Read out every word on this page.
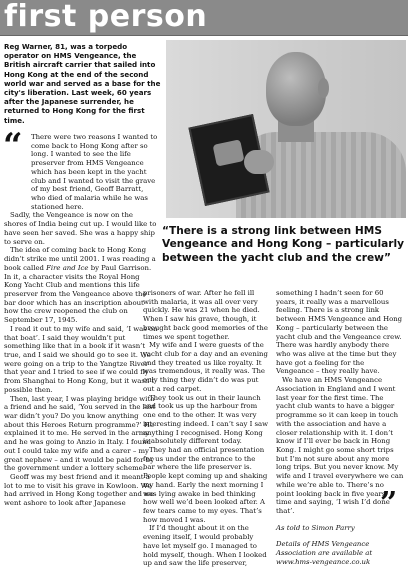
first person
Reg Warner, 81, was a torpedo operator on HMS Vengeance, the British aircraft carrier that sailed into Hong Kong at the end of the second world war and served as a base for the city's liberation. Last week, 60 years after the Japanese surrender, he returned to Hong Kong for the first time.
“There is a strong link between HMS Vengeance and Hong Kong – particularly between the yacht club and the crew”
“	There were two reasons I wanted to come back to Hong Kong after so long. I wanted to see the life preserver from HMS Vengeance which has been kept in the yacht club and I wanted to visit the grave of my best friend, Geoff Barratt, who died of malaria while he was stationed here.

Sadly, the Vengeance is now on the shores of India being cut up. I would like to have seen her saved. She was a happy ship to serve on.

The idea of coming back to Hong Kong didn’t strike me until 2001. I was reading a book called Fire and Ice by Paul Garrison. In it, a character visits the Royal Hong Kong Yacht Club and mentions this life preserver from the Vengeance above the bar door which has an inscription about how the crew reopened the club on September 17, 1945.

I read it out to my wife and said, ‘I was on that boat’. I said they wouldn’t put something like that in a book if it wasn’t true, and I said we should go to see it. We were going on a trip to the Yangtze River that year and I tried to see if we could fly from Shanghai to Hong Kong, but it wasn’t possible then.

Then, last year, I was playing bridge with a friend and he said, ‘You served in the last war didn’t you? Do you know anything about this Heroes Return programme?’ He explained it to me. He served in the army and he was going to Anzio in Italy. I found out I could take my wife and a carer – my great nephew – and it would be paid for by the government under a lottery scheme.

Geoff was my best friend and it meant a lot to me to visit his grave in Kowloon. We had arrived in Hong Kong together and we went ashore to look after Japanese

prisoners of war. After he fell ill with malaria, it was all over very quickly. He was 21 when he died. When I saw his grave, though, it brought back good memories of the times we spent together.

My wife and I were guests of the yacht club for a day and an evening and they treated us like royalty. It was tremendous, it really was. The only thing they didn’t do was put out a red carpet.

They took us out in their launch and took us up the harbour from one end to the other. It was very interesting indeed. I can’t say I saw anything I recognised. Hong Kong is absolutely different today.

They had an official presentation for us under the entrance to the bar where the life preserver is. People kept coming up and shaking my hand. Early the next morning I was lying awake in bed thinking how well we’d been looked after. A few tears came to my eyes. That’s how moved I was.

If I’d thought about it on the evening itself, I would probably have let myself go. I managed to hold myself, though. When I looked up and saw the life preserver,

something I hadn’t seen for 60 years, it really was a marvellous feeling. There is a strong link between HMS Vengeance and Hong Kong – particularly between the yacht club and the Vengeance crew. There was hardly anybody there who was alive at the time but they have got a feeling for the Vengeance – they really have.

We have an HMS Vengeance Association in England and I went last year for the first time. The yacht club wants to have a bigger programme so it can keep in touch with the association and have a closer relationship with it. I don’t know if I’ll ever be back in Hong Kong. I might go some short trips but I’m not sure about any more long trips. But you never know. My wife and I travel everywhere we can while we’re able to. There’s no point looking back in five years’ time and saying, ‘I wish I’d done that’.

As told to Simon Parry

Details of HMS Vengeance Association are available at www.hms-vengeance.co.uk

”
